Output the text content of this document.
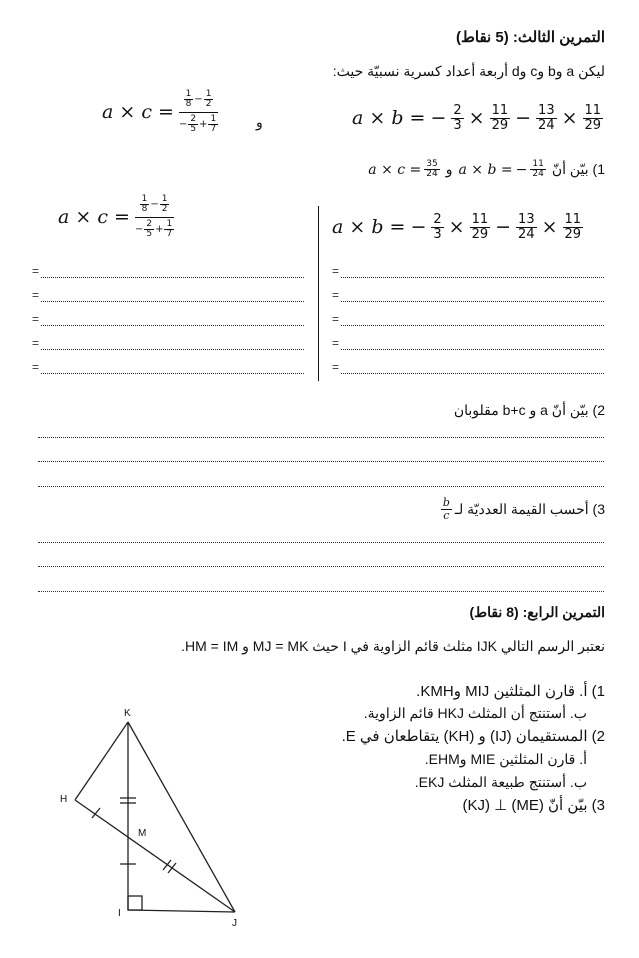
التمرين الثالث: (5 نقاط)
ليكن a وb وc وd أربعة أعداد كسرية نسبيّة حيث:
a × b = − $\frac{2}{3} \times \frac{11}{29} - \frac{13}{24} \times \frac{11}{29}$
و
a × c =
$\frac{1}{8} - \frac{1}{2}$
− $\frac{2}{5} + \frac{1}{7}$
1) بيّن أنّ
a × b = − $\frac{11}{24}$
و
$a \times c = \frac{35}{24}$
a × b = − $\frac{2}{3} \times \frac{11}{29} - \frac{13}{24} \times \frac{11}{29}$
a × c =
$\frac{1}{8} - \frac{1}{2}$
− $\frac{2}{5} + \frac{1}{7}$
=	=
=	=
=	=
=	=
=	=
2) بيّن أنّ a و b+c مقلوبان
3) أحسب القيمة العدديّة لـ
$\frac{b}{c}$
التمرين الرابع: (8 نقاط)
نعتبر الرسم التالي IJK مثلث قائم الزاوية في I حيث MJ = MK و HM = IM.
1) أ. قارن المثلثين MIJ وKMH.
ب. أستنتج أن المثلث HKJ قائم الزاوية.
2) المستقيمان (IJ) و (KH) يتقاطعان في E.
أ. قارن المثلثين MIE وEHM.
ب. أستنتج طبيعة المثلث EKJ.
3) بيّن أنّ (ME) ⊥ (KJ)
K
H
M
I
J
